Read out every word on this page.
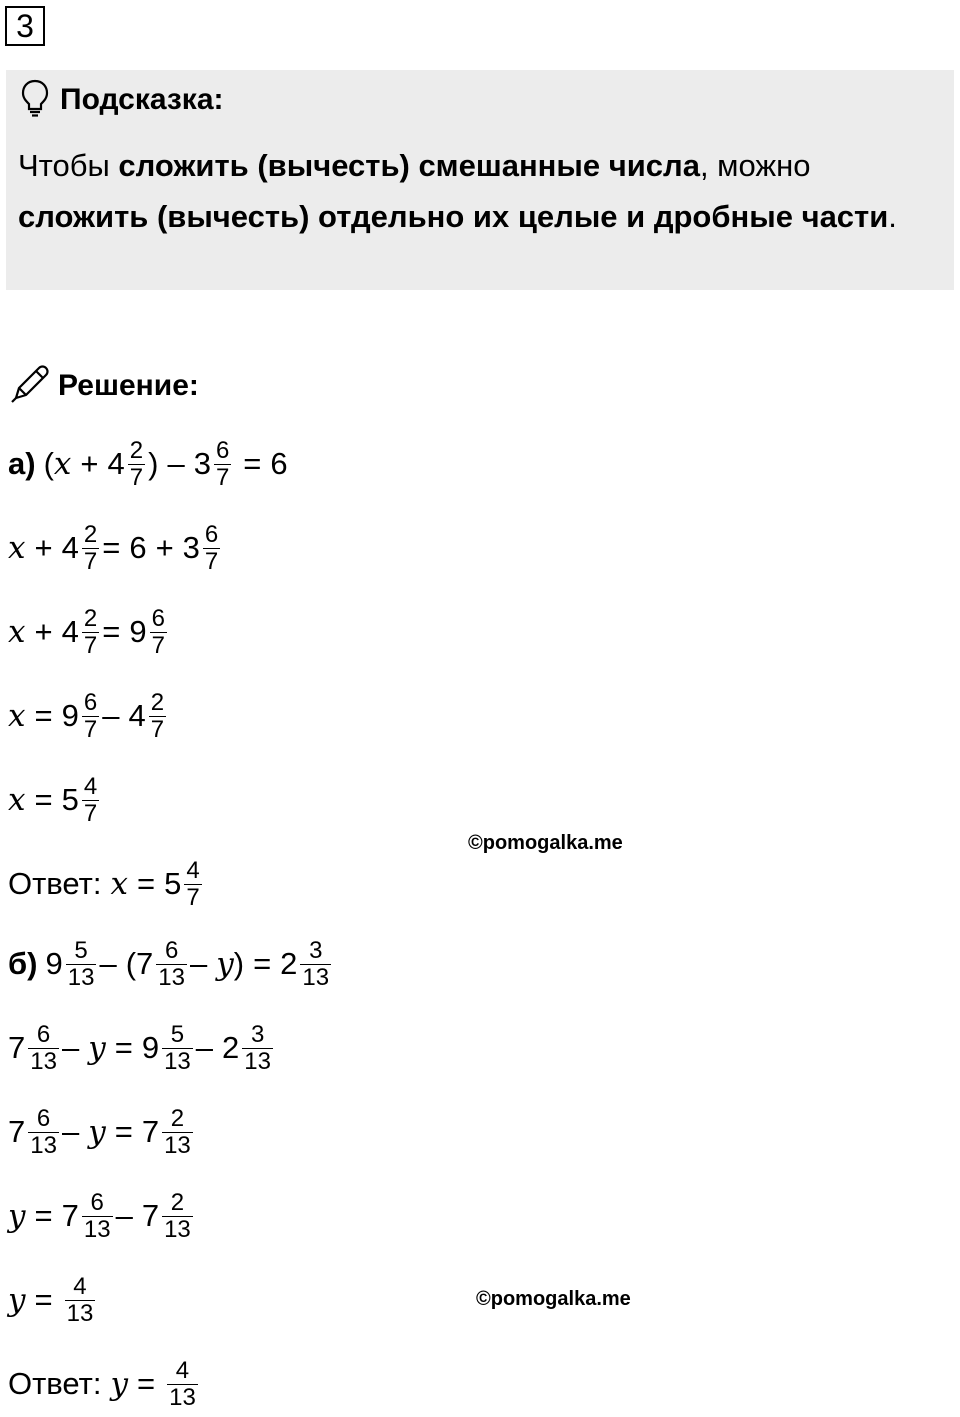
3
Подсказка:
Чтобы сложить (вычесть) смешанные числа, можно
сложить (вычесть) отдельно их целые и дробные части.
Решение:
а) ( $x + 4 \frac{2}{7}$ ) – $3 \frac{6}{7} = 6$
$x + 4 \frac{2}{7} = 6 + 3 \frac{6}{7}$
$x + 4 \frac{2}{7} = 9 \frac{6}{7}$
$x = 9 \frac{6}{7} - 4 \frac{2}{7}$
$x = 5 \frac{4}{7}$
©pomogalka.me
Ответ: $x = 5 \frac{4}{7}$
б) $9 \frac{5}{13}$ – ( $7 \frac{6}{13}$ – y ) = $2 \frac{3}{13}$
$7 \frac{6}{13} - y = 9 \frac{5}{13} - 2 \frac{3}{13}$
$7 \frac{6}{13} - y = 7 \frac{2}{13}$
$y = 7 \frac{6}{13} - 7 \frac{2}{13}$
$y = \frac{4}{13}$	©pomogalka.me
Ответ: $y = \frac{4}{13}$
